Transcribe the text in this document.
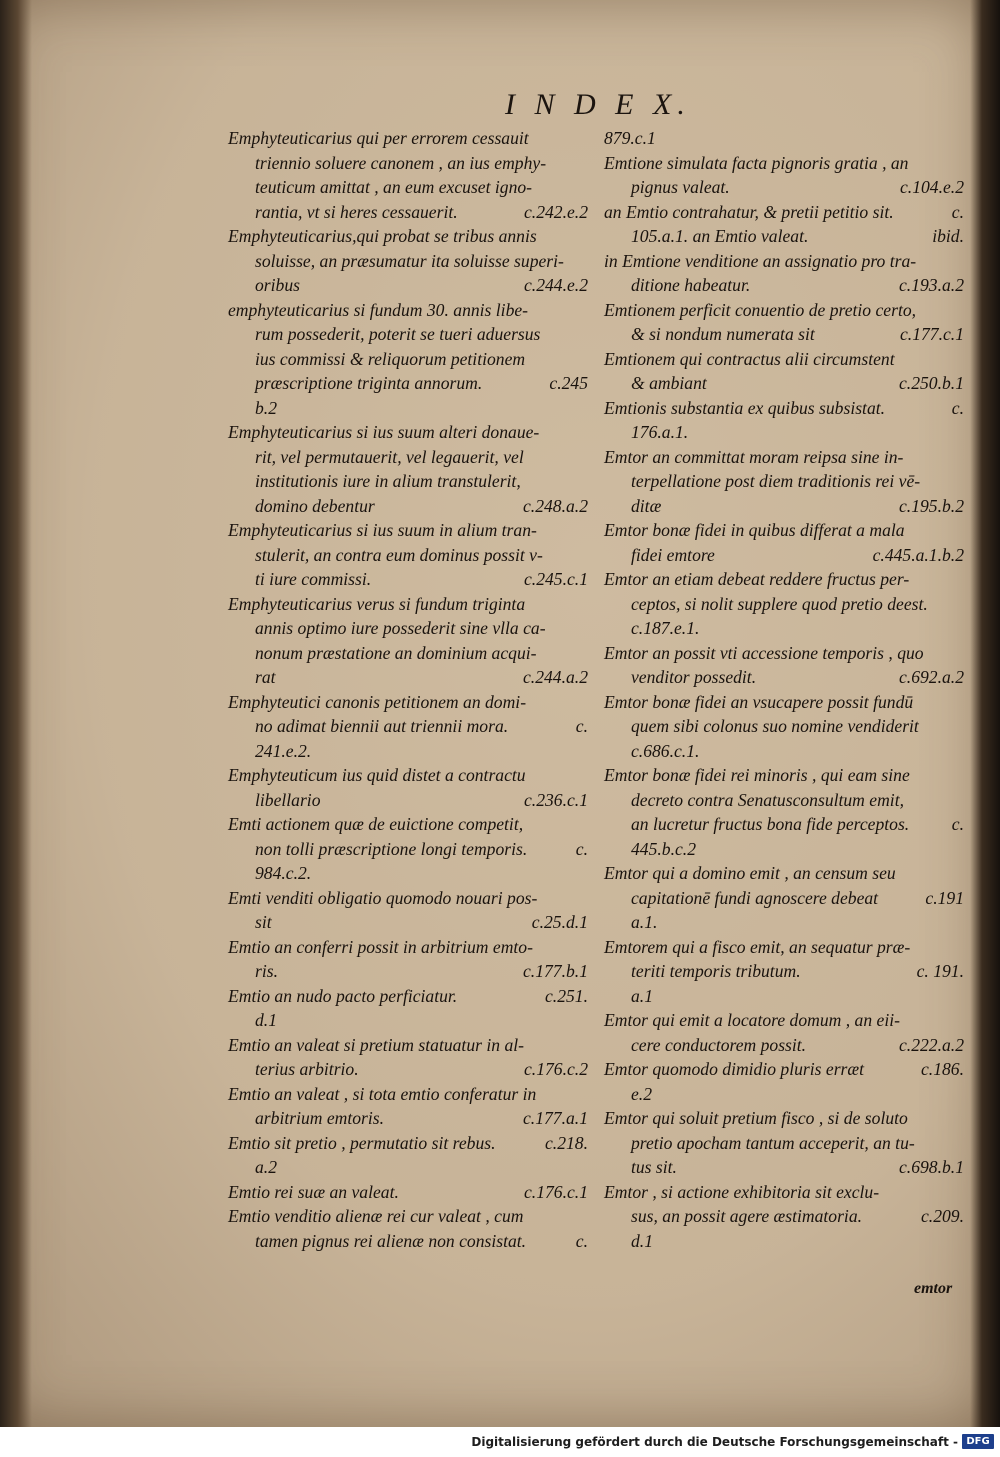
I N D E X.
Emphyteuticarius qui per errorem cessauit
triennio soluere canonem , an ius emphy-
teuticum amittat , an eum excuset igno-
rantia, vt si heres cessauerit.	c.242.e.2
Emphyteuticarius,qui probat se tribus annis
soluisse, an præsumatur ita soluisse superi-
oribus	c.244.e.2
emphyteuticarius si fundum 30. annis libe-
rum possederit, poterit se tueri aduersus
ius commissi & reliquorum petitionem
præscriptione triginta annorum.	c.245
b.2
Emphyteuticarius si ius suum alteri donaue-
rit, vel permutauerit, vel legauerit, vel
institutionis iure in alium transtulerit,
domino debentur	c.248.a.2
Emphyteuticarius si ius suum in alium tran-
stulerit, an contra eum dominus possit v-
ti iure commissi.	c.245.c.1
Emphyteuticarius verus si fundum triginta
annis optimo iure possederit sine vlla ca-
nonum præstatione an dominium acqui-
rat	c.244.a.2
Emphyteutici canonis petitionem an domi-
no adimat biennii aut triennii mora.	c.
241.e.2.
Emphyteuticum ius quid distet a contractu
libellario	c.236.c.1
Emti actionem quæ de euictione competit,
non tolli præscriptione longi temporis.	c.
984.c.2.
Emti venditi obligatio quomodo nouari pos-
sit	c.25.d.1
Emtio an conferri possit in arbitrium emto-
ris.	c.177.b.1
Emtio an nudo pacto perficiatur.	c.251.
d.1
Emtio an valeat si pretium statuatur in al-
terius arbitrio.	c.176.c.2
Emtio an valeat , si tota emtio conferatur in
arbitrium emtoris.	c.177.a.1
Emtio sit pretio , permutatio sit rebus.	c.218.
a.2
Emtio rei suæ an valeat.	c.176.c.1
Emtio venditio alienæ rei cur valeat , cum
tamen pignus rei alienæ non consistat.	c.
879.c.1
Emtione simulata facta pignoris gratia , an
pignus valeat.	c.104.e.2
an Emtio contrahatur, & pretii petitio sit.	c.
105.a.1. an Emtio valeat.	ibid.
in Emtione venditione an assignatio pro tra-
ditione habeatur.	c.193.a.2
Emtionem perficit conuentio de pretio certo,
& si nondum numerata sit	c.177.c.1
Emtionem qui contractus alii circumstent
& ambiant	c.250.b.1
Emtionis substantia ex quibus subsistat.	c.
176.a.1.
Emtor an committat moram reipsa sine in-
terpellatione post diem traditionis rei vē-
ditæ	c.195.b.2
Emtor bonæ fidei in quibus differat a mala
fidei emtore	c.445.a.1.b.2
Emtor an etiam debeat reddere fructus per-
ceptos, si nolit supplere quod pretio deest.
c.187.e.1.
Emtor an possit vti accessione temporis , quo
venditor possedit.	c.692.a.2
Emtor bonæ fidei an vsucapere possit fundū
quem sibi colonus suo nomine vendiderit
c.686.c.1.
Emtor bonæ fidei rei minoris , qui eam sine
decreto contra Senatusconsultum emit,
an lucretur fructus bona fide perceptos. c.
445.b.c.2
Emtor qui a domino emit , an censum seu
capitationē fundi agnoscere debeat	c.191
a.1.
Emtorem qui a fisco emit, an sequatur præ-
teriti temporis tributum.	c. 191.
a.1
Emtor qui emit a locatore domum , an eii-
cere conductorem possit.	c.222.a.2
Emtor quomodo dimidio pluris erræt	c.186.
e.2
Emtor qui soluit pretium fisco , si de soluto
pretio apocham tantum acceperit, an tu-
tus sit.	c.698.b.1
Emtor , si actione exhibitoria sit exclu-
sus, an possit agere æstimatoria.	c.209.
d.1
emtor
Digitalisierung gefördert durch die Deutsche Forschungsgemeinschaft - DFG
